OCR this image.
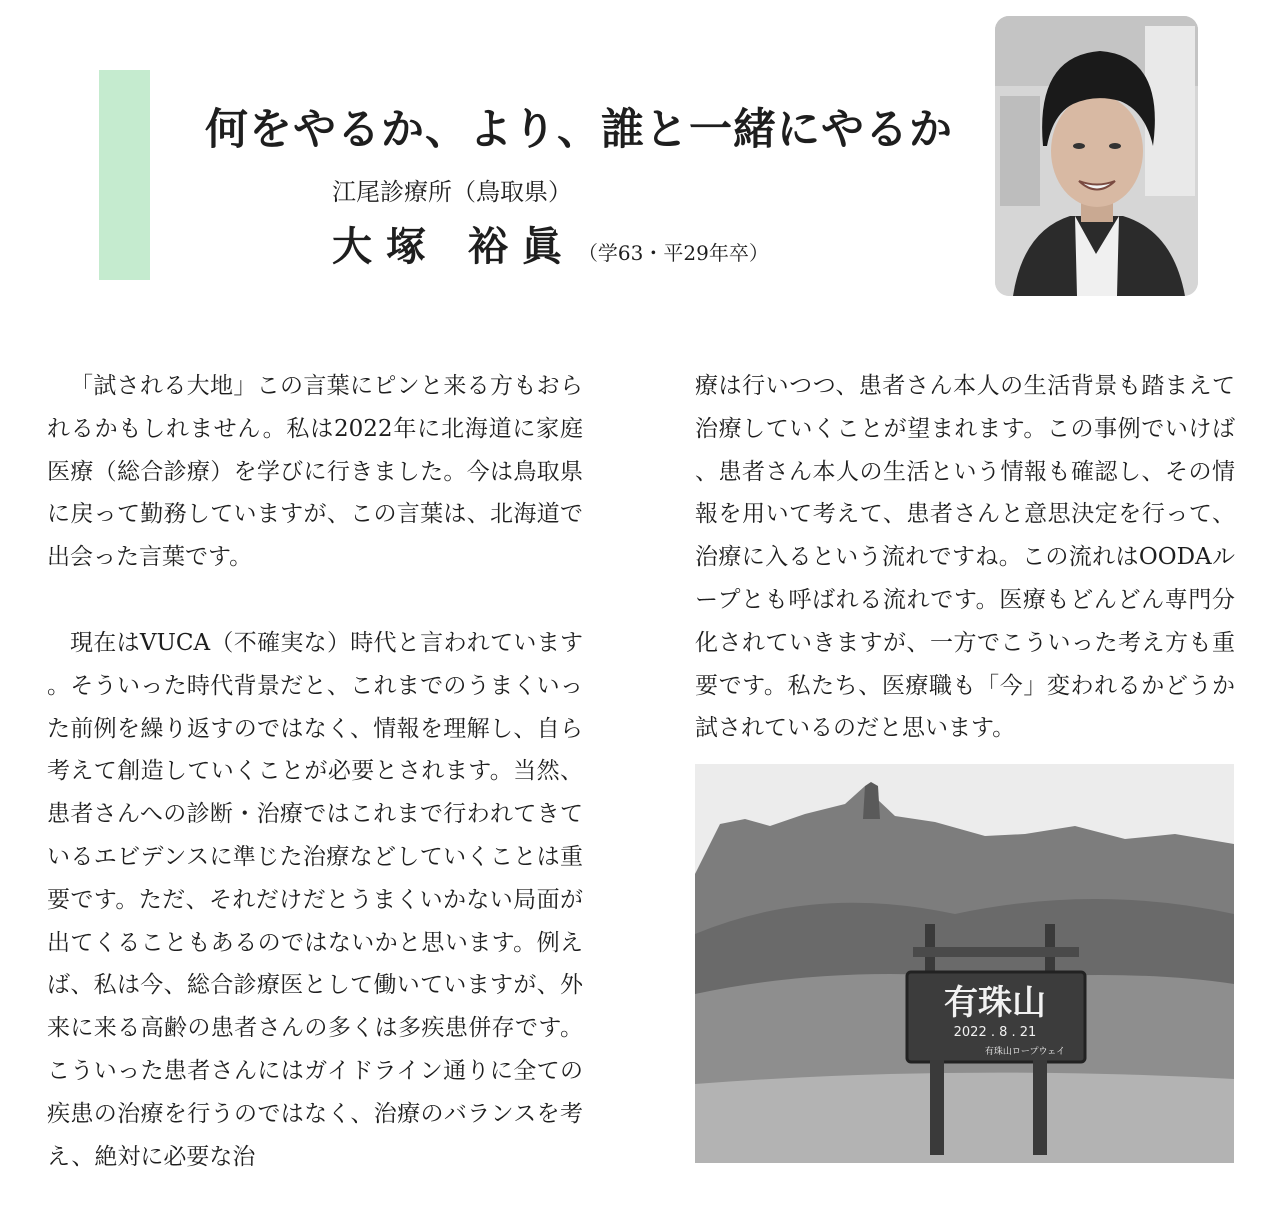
何をやるか、より、誰と一緒にやるか
江尾診療所（鳥取県）
大塚 裕眞 （学63・平29年卒）

「試される大地」この言葉にピンと来る方もおられるかもしれません。私は2022年に北海道に家庭医療（総合診療）を学びに行きました。今は鳥取県に戻って勤務していますが、この言葉は、北海道で出会った言葉です。

現在はVUCA（不確実な）時代と言われています。そういった時代背景だと、これまでのうまくいった前例を繰り返すのではなく、情報を理解し、自ら考えて創造していくことが必要とされます。当然、患者さんへの診断・治療ではこれまで行われてきているエビデンスに準じた治療などしていくことは重要です。ただ、それだけだとうまくいかない局面が出てくることもあるのではないかと思います。例えば、私は今、総合診療医として働いていますが、外来に来る高齢の患者さんの多くは多疾患併存です。こういった患者さんにはガイドライン通りに全ての疾患の治療を行うのではなく、治療のバランスを考え、絶対に必要な治

療は行いつつ、患者さん本人の生活背景も踏まえて治療していくことが望まれます。この事例でいけば、患者さん本人の生活という情報も確認し、その情報を用いて考えて、患者さんと意思決定を行って、治療に入るという流れですね。この流れはOODAループとも呼ばれる流れです。医療もどんどん専門分化されていきますが、一方でこういった考え方も重要です。私たち、医療職も「今」変われるかどうか試されているのだと思います。

有珠山
2022 . 8 . 21
有珠山ロープウェイ
